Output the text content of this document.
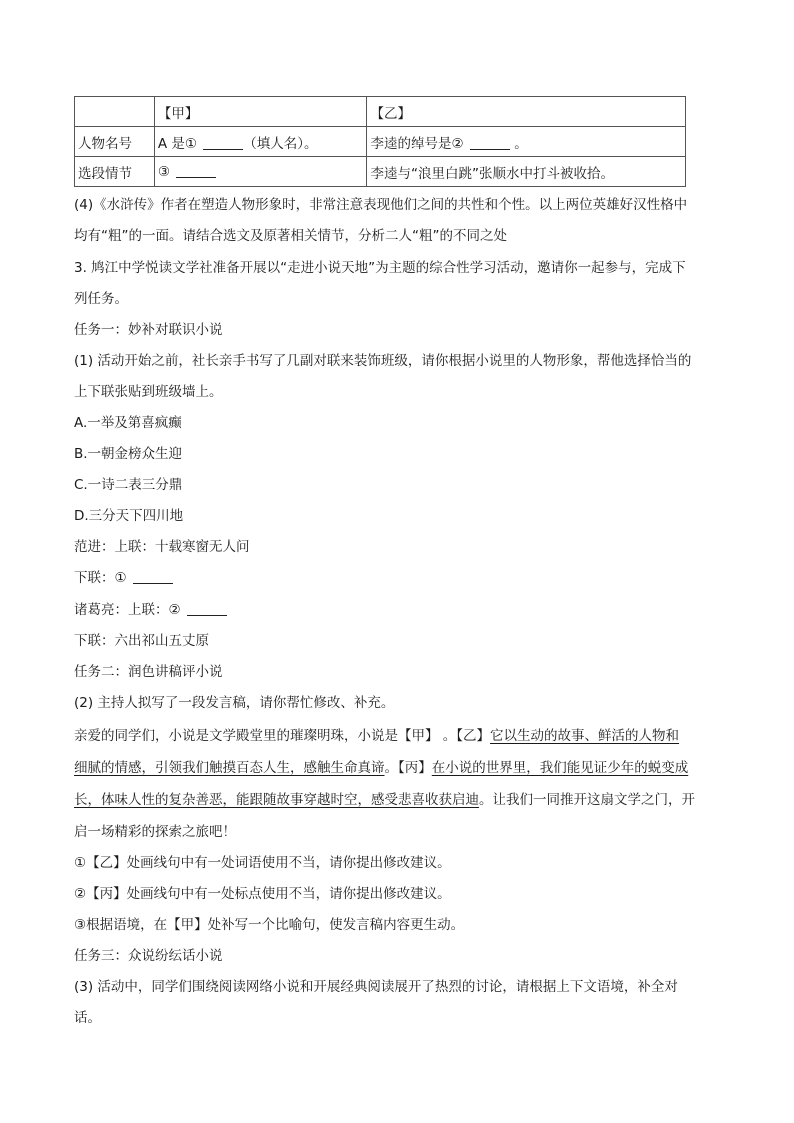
	【甲】	【乙】
人物名号	A 是① （填人名）。	李逵的绰号是② 。
选段情节	③	李逵与“浪里白跳”张顺水中打斗被收拾。
(4)《水浒传》作者在塑造人物形象时，非常注意表现他们之间的共性和个性。以上两位英雄好汉性格中
均有“粗”的一面。请结合选文及原著相关情节，分析二人“粗”的不同之处
3. 鸠江中学悦读文学社准备开展以“走进小说天地”为主题的综合性学习活动，邀请你一起参与，完成下
列任务。
任务一：妙补对联识小说
(1) 活动开始之前，社长亲手书写了几副对联来装饰班级，请你根据小说里的人物形象，帮他选择恰当的
上下联张贴到班级墙上。
A.一举及第喜疯癫
B.一朝金榜众生迎
C.一诗二表三分鼎
D.三分天下四川地
范进：上联：十载寒窗无人问
下联：①
诸葛亮：上联：②
下联：六出祁山五丈原
任务二：润色讲稿评小说
(2) 主持人拟写了一段发言稿，请你帮忙修改、补充。
亲爱的同学们，小说是文学殿堂里的璀璨明珠，小说是【甲】 。【乙】它以生动的故事、鲜活的人物和
细腻的情感，引领我们触摸百态人生，感触生命真谛。【丙】在小说的世界里，我们能见证少年的蜕变成
长，体味人性的复杂善恶，能跟随故事穿越时空，感受悲喜收获启迪。让我们一同推开这扇文学之门，开
启一场精彩的探索之旅吧！
①【乙】处画线句中有一处词语使用不当，请你提出修改建议。
②【丙】处画线句中有一处标点使用不当，请你提出修改建议。
③根据语境，在【甲】处补写一个比喻句，使发言稿内容更生动。
任务三：众说纷纭话小说
(3) 活动中，同学们围绕阅读网络小说和开展经典阅读展开了热烈的讨论，请根据上下文语境，补全对
话。
